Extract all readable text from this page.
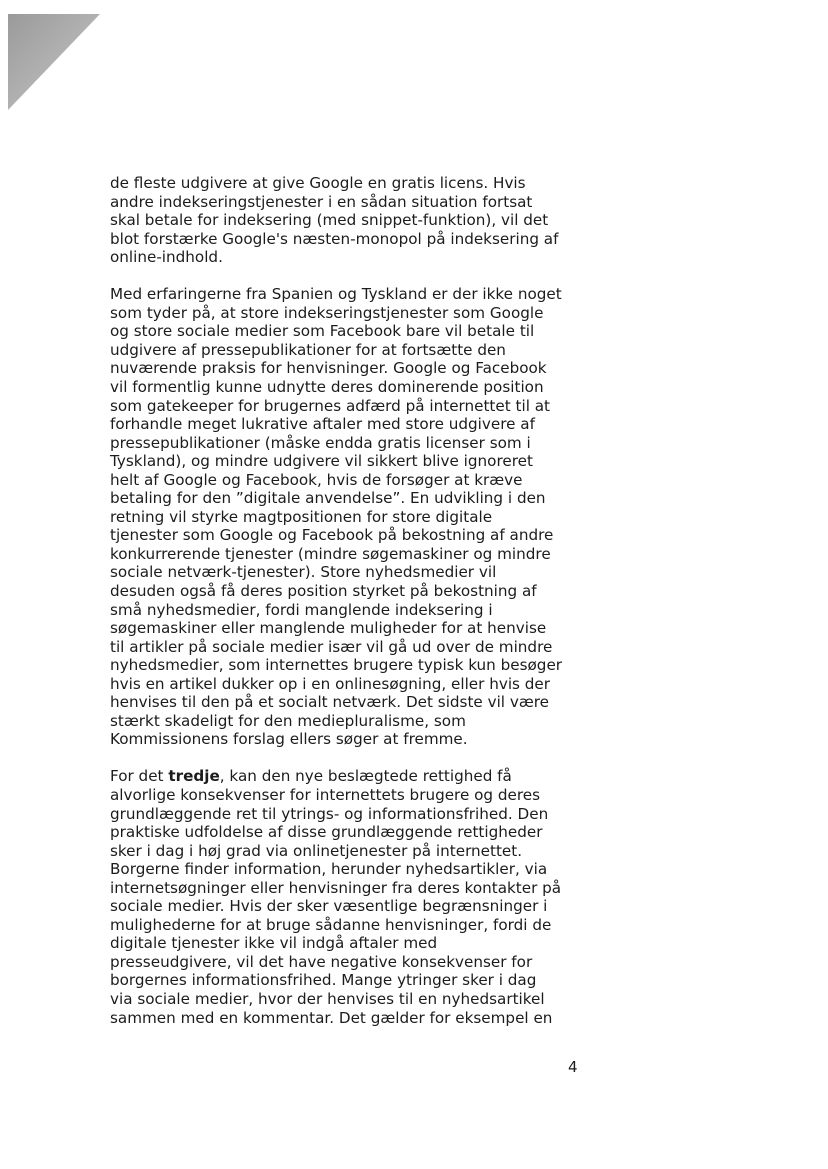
de fleste udgivere at give Google en gratis licens. Hvis
andre indekseringstjenester i en sådan situation fortsat
skal betale for indeksering (med snippet-funktion), vil det
blot forstærke Google's næsten-monopol på indeksering af
online-indhold.

Med erfaringerne fra Spanien og Tyskland er der ikke noget
som tyder på, at store indekseringstjenester som Google
og store sociale medier som Facebook bare vil betale til
udgivere af pressepublikationer for at fortsætte den
nuværende praksis for henvisninger. Google og Facebook
vil formentlig kunne udnytte deres dominerende position
som gatekeeper for brugernes adfærd på internettet til at
forhandle meget lukrative aftaler med store udgivere af
pressepublikationer (måske endda gratis licenser som i
Tyskland), og mindre udgivere vil sikkert blive ignoreret
helt af Google og Facebook, hvis de forsøger at kræve
betaling for den ”digitale anvendelse”. En udvikling i den
retning vil styrke magtpositionen for store digitale
tjenester som Google og Facebook på bekostning af andre
konkurrerende tjenester (mindre søgemaskiner og mindre
sociale netværk-tjenester). Store nyhedsmedier vil
desuden også få deres position styrket på bekostning af
små nyhedsmedier, fordi manglende indeksering i
søgemaskiner eller manglende muligheder for at henvise
til artikler på sociale medier især vil gå ud over de mindre
nyhedsmedier, som internettes brugere typisk kun besøger
hvis en artikel dukker op i en onlinesøgning, eller hvis der
henvises til den på et socialt netværk. Det sidste vil være
stærkt skadeligt for den mediepluralisme, som
Kommissionens forslag ellers søger at fremme.

For det tredje, kan den nye beslægtede rettighed få
alvorlige konsekvenser for internettets brugere og deres
grundlæggende ret til ytrings- og informationsfrihed. Den
praktiske udfoldelse af disse grundlæggende rettigheder
sker i dag i høj grad via onlinetjenester på internettet.
Borgerne finder information, herunder nyhedsartikler, via
internetsøgninger eller henvisninger fra deres kontakter på
sociale medier. Hvis der sker væsentlige begrænsninger i
mulighederne for at bruge sådanne henvisninger, fordi de
digitale tjenester ikke vil indgå aftaler med
presseudgivere, vil det have negative konsekvenser for
borgernes informationsfrihed. Mange ytringer sker i dag
via sociale medier, hvor der henvises til en nyhedsartikel
sammen med en kommentar. Det gælder for eksempel en

4
